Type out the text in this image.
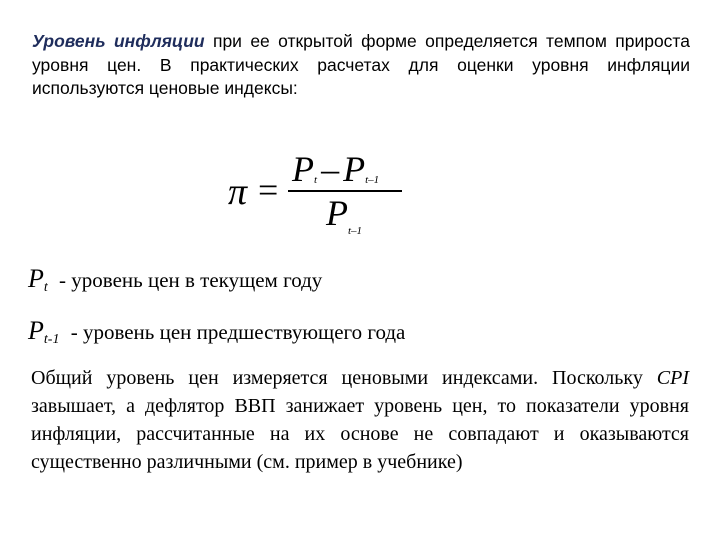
Уровень инфляции при ее открытой форме определяется темпом прироста уровня цен. В практических расчетах для оценки уровня инфляции используются ценовые индексы:

π =
$P_t - P_{t-1}$
$P_{t-1}$
$P_t$ - уровень цен в текущем году
$P_{t-1}$ - уровень цен предшествующего года

Общий уровень цен измеряется ценовыми индексами. Поскольку CPI завышает, а дефлятор ВВП занижает уровень цен, то показатели уровня инфляции, рассчитанные на их основе не совпадают и оказываются существенно различными (см. пример в учебнике)
